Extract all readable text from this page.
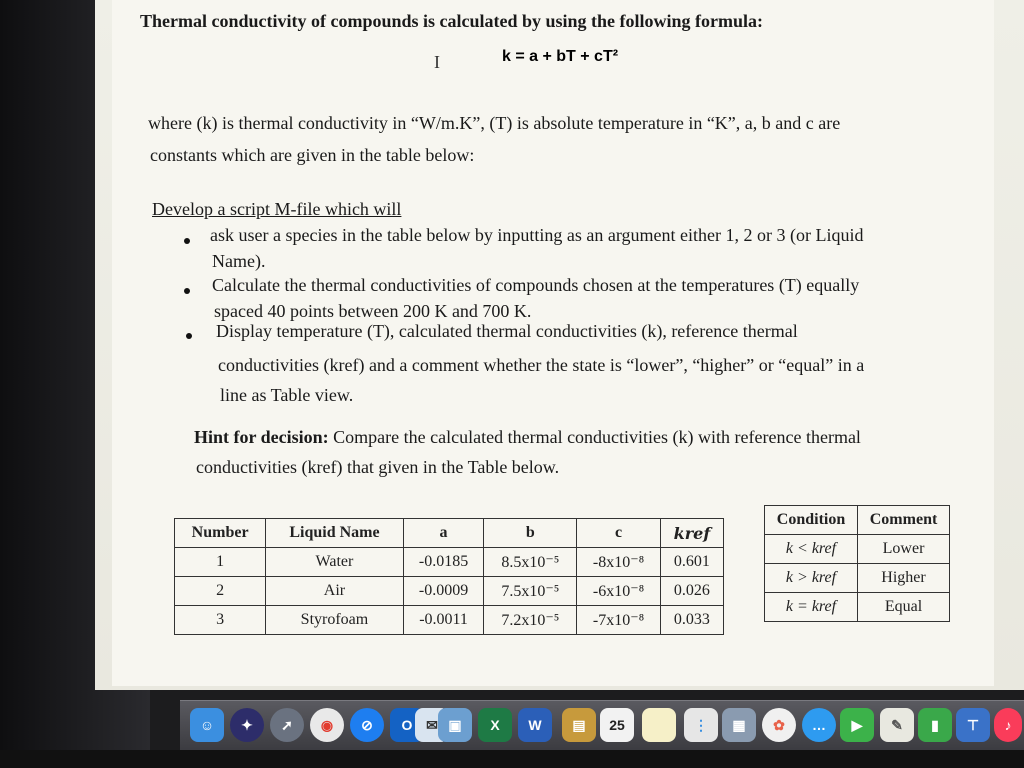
Thermal conductivity of compounds is calculated by using the following formula:

k = a + bT + cT²

where (k) is thermal conductivity in “W/m.K”, (T) is absolute temperature in “K”, a, b and c are

constants which are given in the table below:

Develop a script M-file which will

ask user a species in the table below by inputting as an argument either 1, 2 or 3 (or Liquid

Name).

Calculate the thermal conductivities of compounds chosen at the temperatures (T) equally

spaced 40 points between 200 K and 700 K.

Display temperature (T), calculated thermal conductivities (k), reference thermal

conductivities (kref) and a comment whether the state is “lower”, “higher” or “equal” in a

line as Table view.

Hint for decision: Compare the calculated thermal conductivities (k) with reference thermal

conductivities (kref) that given in the Table below.

Number	Liquid Name	a	b	c	kref
1	Water	-0.0185	8.5x10⁻⁵	-8x10⁻⁸	0.601
2	Air	-0.0009	7.5x10⁻⁵	-6x10⁻⁸	0.026
3	Styrofoam	-0.0011	7.2x10⁻⁵	-7x10⁻⁸	0.033
Condition	Comment
k < kref	Lower
k > kref	Higher
k = kref	Equal
I
☺	✦	➚	◉	⊘	O ✉ ▣	X	W	▤	25	⋮	▦	✿	…	▶	✎	▮	⊤	♪
